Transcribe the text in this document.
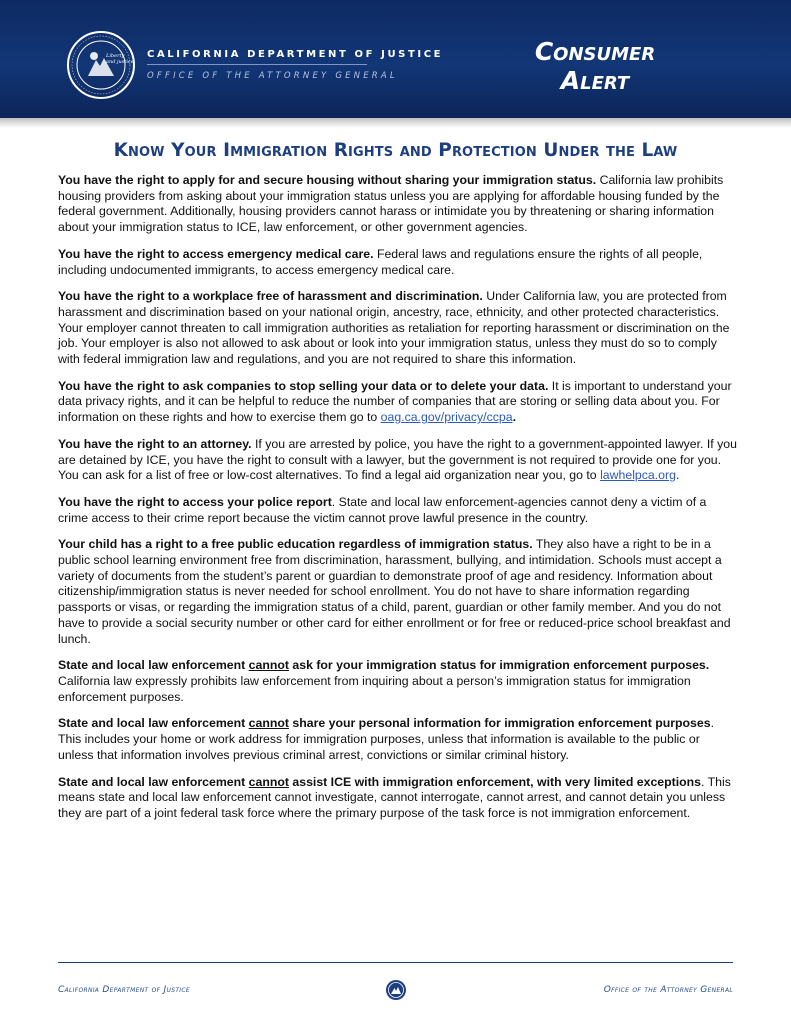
Liberty
and justice
CALIFORNIA DEPARTMENT OF JUSTICE
OFFICE OF THE ATTORNEY GENERAL
Consumer
Alert
Know Your Immigration Rights and Protection Under the Law

You have the right to apply for and secure housing without sharing your immigration status. California law prohibits housing providers from asking about your immigration status unless you are applying for affordable housing funded by the federal government. Additionally, housing providers cannot harass or intimidate you by threatening or sharing information about your immigration status to ICE, law enforcement, or other government agencies.

You have the right to access emergency medical care. Federal laws and regulations ensure the rights of all people, including undocumented immigrants, to access emergency medical care.

You have the right to a workplace free of harassment and discrimination. Under California law, you are protected from harassment and discrimination based on your national origin, ancestry, race, ethnicity, and other protected characteristics. Your employer cannot threaten to call immigration authorities as retaliation for reporting harassment or discrimination on the job. Your employer is also not allowed to ask about or look into your immigration status, unless they must do so to comply with federal immigration law and regulations, and you are not required to share this information.

You have the right to ask companies to stop selling your data or to delete your data. It is important to understand your data privacy rights, and it can be helpful to reduce the number of companies that are storing or selling data about you. For information on these rights and how to exercise them go to oag.ca.gov/privacy/ccpa.

You have the right to an attorney. If you are arrested by police, you have the right to a government-appointed lawyer. If you are detained by ICE, you have the right to consult with a lawyer, but the government is not required to provide one for you. You can ask for a list of free or low-cost alternatives. To find a legal aid organization near you, go to lawhelpca.org.

You have the right to access your police report. State and local law enforcement-agencies cannot deny a victim of a crime access to their crime report because the victim cannot prove lawful presence in the country.

Your child has a right to a free public education regardless of immigration status. They also have a right to be in a public school learning environment free from discrimination, harassment, bullying, and intimidation. Schools must accept a variety of documents from the student’s parent or guardian to demonstrate proof of age and residency. Information about citizenship/immigration status is never needed for school enrollment. You do not have to share information regarding passports or visas, or regarding the immigration status of a child, parent, guardian or other family member. And you do not have to provide a social security number or other card for either enrollment or for free or reduced-price school breakfast and lunch.

State and local law enforcement cannot ask for your immigration status for immigration enforcement purposes. California law expressly prohibits law enforcement from inquiring about a person’s immigration status for immigration enforcement purposes.

State and local law enforcement cannot share your personal information for immigration enforcement purposes. This includes your home or work address for immigration purposes, unless that information is available to the public or unless that information involves previous criminal arrest, convictions or similar criminal history.

State and local law enforcement cannot assist ICE with immigration enforcement, with very limited exceptions. This means state and local law enforcement cannot investigate, cannot interrogate, cannot arrest, and cannot detain you unless they are part of a joint federal task force where the primary purpose of the task force is not immigration enforcement.

California Department of Justice	Office of the Attorney General
